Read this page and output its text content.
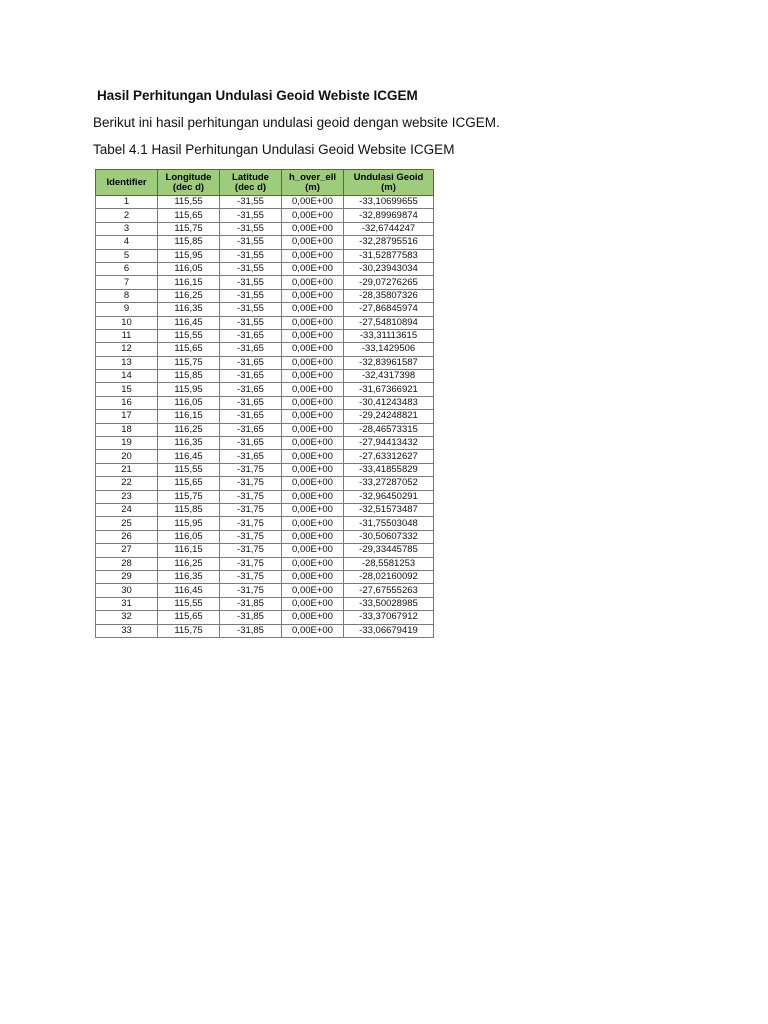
Hasil Perhitungan Undulasi Geoid Webiste ICGEM

Berikut ini hasil perhitungan undulasi geoid dengan website ICGEM.

Tabel 4.1 Hasil Perhitungan Undulasi Geoid Website ICGEM

Identifier	Longitude (dec d)	Latitude (dec d)	h_over_ell (m)	Undulasi Geoid (m)
1	115,55	-31,55	0,00E+00	-33,10699655
2	115,65	-31,55	0,00E+00	-32,89969874
3	115,75	-31,55	0,00E+00	-32,6744247
4	115,85	-31,55	0,00E+00	-32,28795516
5	115,95	-31,55	0,00E+00	-31,52877583
6	116,05	-31,55	0,00E+00	-30,23943034
7	116,15	-31,55	0,00E+00	-29,07276265
8	116,25	-31,55	0,00E+00	-28,35807326
9	116,35	-31,55	0,00E+00	-27,86845974
10	116,45	-31,55	0,00E+00	-27,54810894
11	115,55	-31,65	0,00E+00	-33,31113615
12	115,65	-31,65	0,00E+00	-33,1429506
13	115,75	-31,65	0,00E+00	-32,83961587
14	115,85	-31,65	0,00E+00	-32,4317398
15	115,95	-31,65	0,00E+00	-31,67366921
16	116,05	-31,65	0,00E+00	-30,41243483
17	116,15	-31,65	0,00E+00	-29,24248821
18	116,25	-31,65	0,00E+00	-28,46573315
19	116,35	-31,65	0,00E+00	-27,94413432
20	116,45	-31,65	0,00E+00	-27,63312627
21	115,55	-31,75	0,00E+00	-33,41855829
22	115,65	-31,75	0,00E+00	-33,27287052
23	115,75	-31,75	0,00E+00	-32,96450291
24	115,85	-31,75	0,00E+00	-32,51573487
25	115,95	-31,75	0,00E+00	-31,75503048
26	116,05	-31,75	0,00E+00	-30,50607332
27	116,15	-31,75	0,00E+00	-29,33445785
28	116,25	-31,75	0,00E+00	-28,5581253
29	116,35	-31,75	0,00E+00	-28,02160092
30	116,45	-31,75	0,00E+00	-27,67555263
31	115,55	-31,85	0,00E+00	-33,50028985
32	115,65	-31,85	0,00E+00	-33,37067912
33	115,75	-31,85	0,00E+00	-33,06679419
